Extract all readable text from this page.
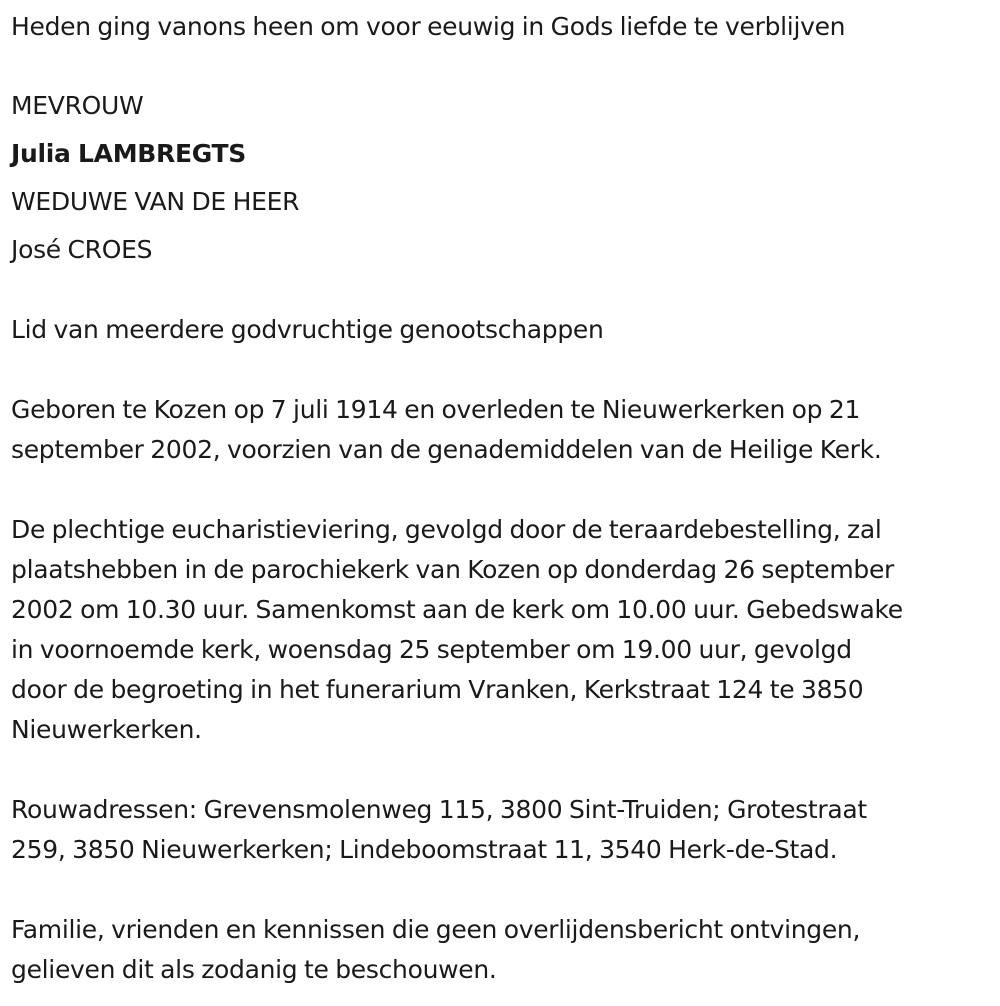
Heden ging vanons heen om voor eeuwig in Gods liefde te verblijven
MEVROUW
Julia LAMBREGTS
WEDUWE VAN DE HEER
José CROES
Lid van meerdere godvruchtige genootschappen
Geboren te Kozen op 7 juli 1914 en overleden te Nieuwerkerken op 21
september 2002, voorzien van de genademiddelen van de Heilige Kerk.
De plechtige eucharistieviering, gevolgd door de teraardebestelling, zal
plaatshebben in de parochiekerk van Kozen op donderdag 26 september
2002 om 10.30 uur. Samenkomst aan de kerk om 10.00 uur. Gebedswake
in voornoemde kerk, woensdag 25 september om 19.00 uur, gevolgd
door de begroeting in het funerarium Vranken, Kerkstraat 124 te 3850
Nieuwerkerken.
Rouwadressen: Grevensmolenweg 115, 3800 Sint-Truiden; Grotestraat
259, 3850 Nieuwerkerken; Lindeboomstraat 11, 3540 Herk-de-Stad.
Familie, vrienden en kennissen die geen overlijdensbericht ontvingen,
gelieven dit als zodanig te beschouwen.
